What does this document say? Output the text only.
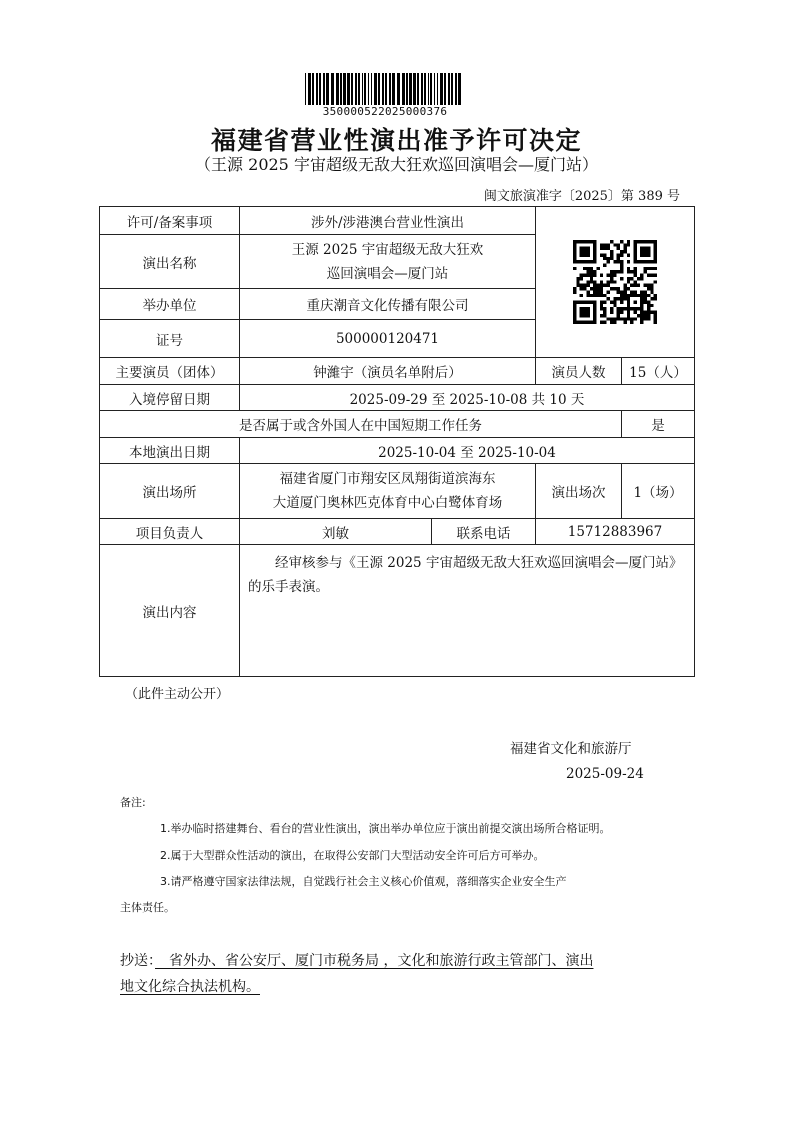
350000522025000376
福建省营业性演出准予许可决定
（王源 2025 宇宙超级无敌大狂欢巡回演唱会—厦门站）
闽文旅演准字〔2025〕第 389 号
许可/备案事项	涉外/涉港澳台营业性演出	

演出名称	王源 2025 宇宙超级无敌大狂欢
巡回演唱会—厦门站			

举办单位	重庆潮音文化传播有限公司			
证号	500000120471			
主要演员（团体）	钟濰宇（演员名单附后）		演员人数	15（人）
入境停留日期	2025-09-29 至 2025-10-08 共 10 天			
是否属于或含外国人在中国短期工作任务				是
本地演出日期	2025-10-04 至 2025-10-04			
演出场所	福建省厦门市翔安区凤翔街道滨海东
大道厦门奥林匹克体育中心白鹭体育场		演出场次	1（场）
项目负责人	刘敏	联系电话	15712883967	
演出内容	　　经审核参与《王源 2025 宇宙超级无敌大狂欢巡回演唱会—厦门站》的乐手表演。			
（此件主动公开）
福建省文化和旅游厅
2025-09-24
备注:
1.举办临时搭建舞台、看台的营业性演出，演出举办单位应于演出前提交演出场所合格证明。
2.属于大型群众性活动的演出，在取得公安部门大型活动安全许可后方可举办。
3.请严格遵守国家法律法规，自觉践行社会主义核心价值观，落细落实企业安全生产
主体责任。
抄送：　省外办、省公安厅、厦门市税务局 ，文化和旅游行政主管部门、演出
地文化综合执法机构。
